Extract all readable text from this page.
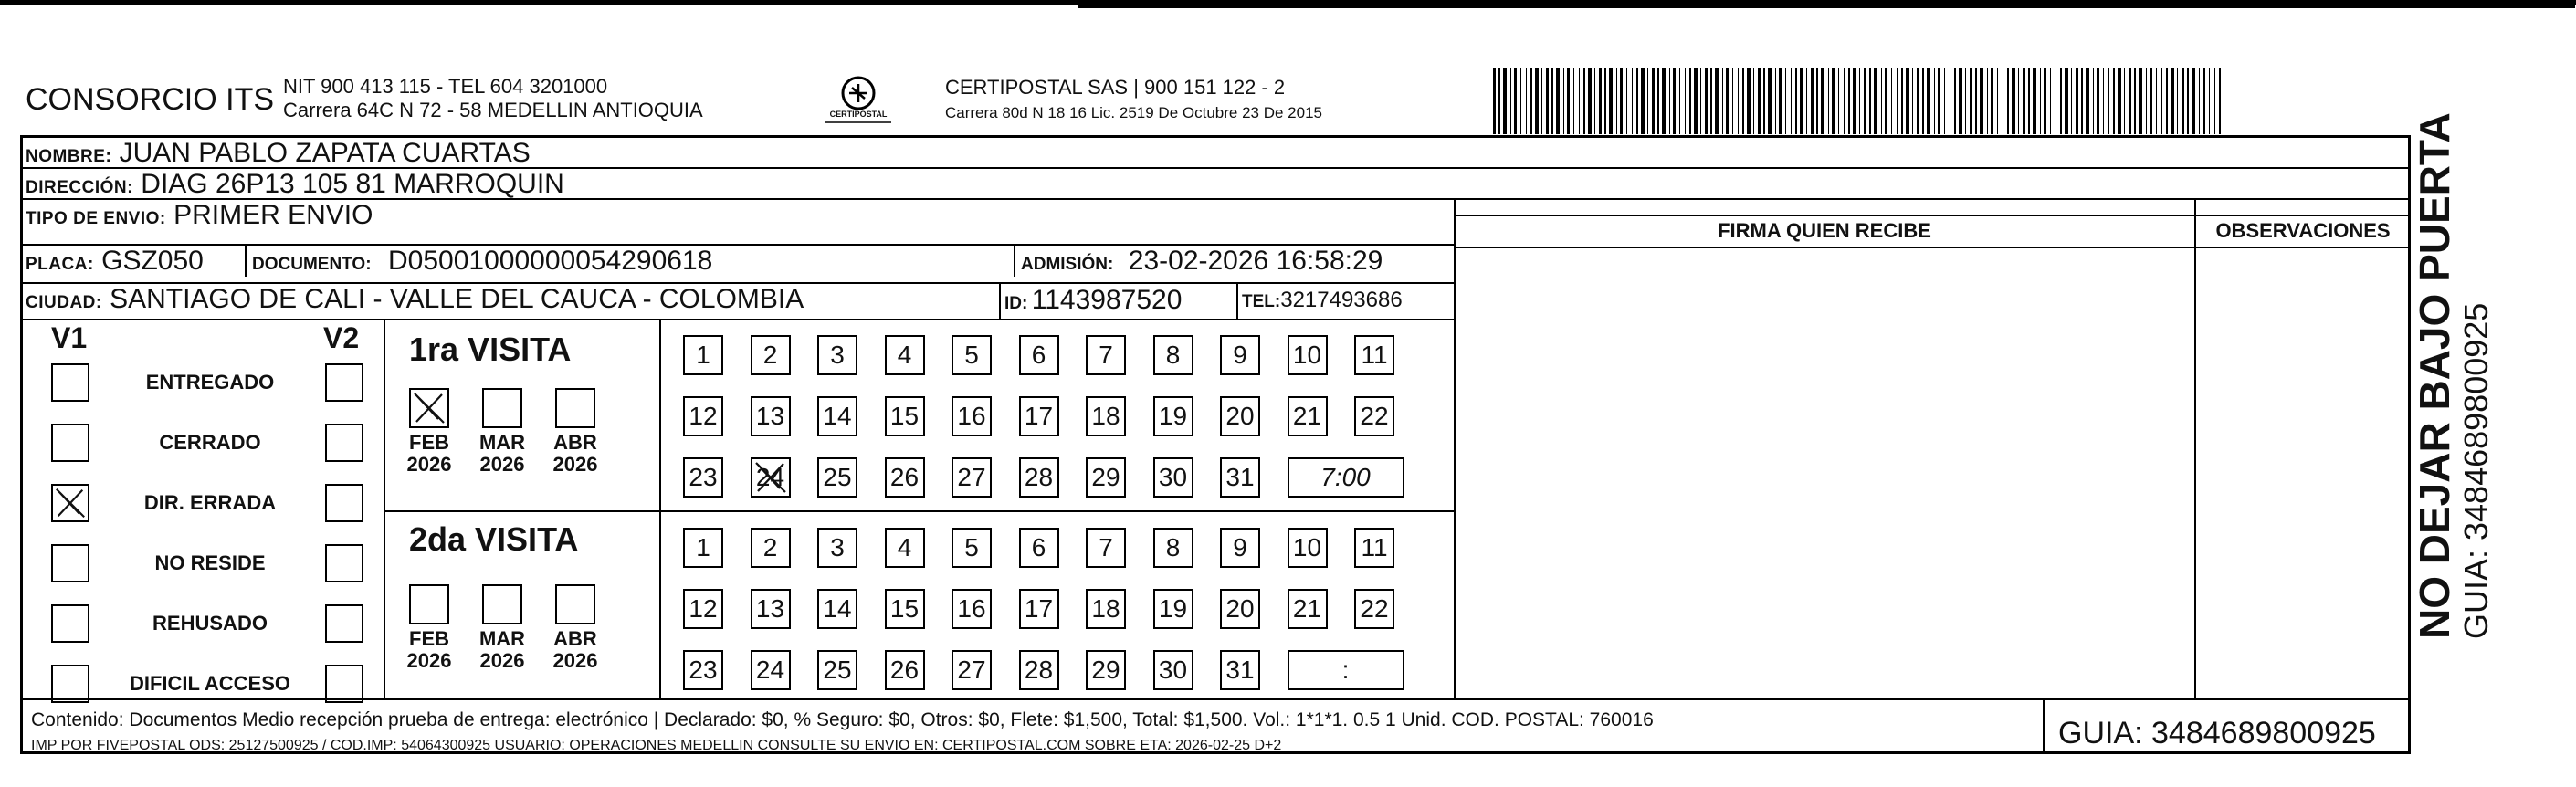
CONSORCIO ITS NIT 900 413 115 - TEL 604 3201000
Carrera 64C N 72 - 58 MEDELLIN ANTIOQUIA	CERTIPOSTAL
CERTIPOSTAL SAS | 900 151 122 - 2
Carrera 80d N 18 16 Lic. 2519 De Octubre 23 De 2015
NOMBRE: JUAN PABLO ZAPATA CUARTAS
DIRECCIÓN: DIAG 26P13 105 81 MARROQUIN
TIPO DE ENVIO: PRIMER ENVIO
PLACA: GSZ050	DOCUMENTO: D05001000000054290618	ADMISIÓN: 23-02-2026 16:58:29
CIUDAD: SANTIAGO DE CALI - VALLE DEL CAUCA - COLOMBIA	ID: 1143987520	TEL:3217493686
FIRMA QUIEN RECIBE	OBSERVACIONES
V1	V2 1ra VISITA
2da VISITA
ENTREGADO
CERRADO
DIR. ERRADA
NO RESIDE
REHUSADO
DIFICIL ACCESO
FEB
2026
MAR
2026
ABR
2026
FEB
2026
MAR
2026
ABR
2026
1	2	3	4	5	6	7	8	9	10 11
12 13 14 15 16 17 18 19 20 21 22
23 24 25 26 27 28 29 30 31	7:00
1	2	3	4	5	6	7	8	9	10 11
12 13 14 15 16 17 18 19 20 21 22
23 24 25 26 27 28 29 30 31	:
Contenido: Documentos Medio recepción prueba de entrega: electrónico | Declarado: $0, % Seguro: $0, Otros: $0, Flete: $1,500, Total: $1,500. Vol.: 1*1*1. 0.5 1 Unid. COD. POSTAL: 760016
IMP POR FIVEPOSTAL ODS: 25127500925 / COD.IMP: 54064300925 USUARIO: OPERACIONES MEDELLIN CONSULTE SU ENVIO EN: CERTIPOSTAL.COM SOBRE ETA: 2026-02-25 D+2	GUIA: 3484689800925
NO DEJAR BAJO PUERTA GUIA: 3484689800925
